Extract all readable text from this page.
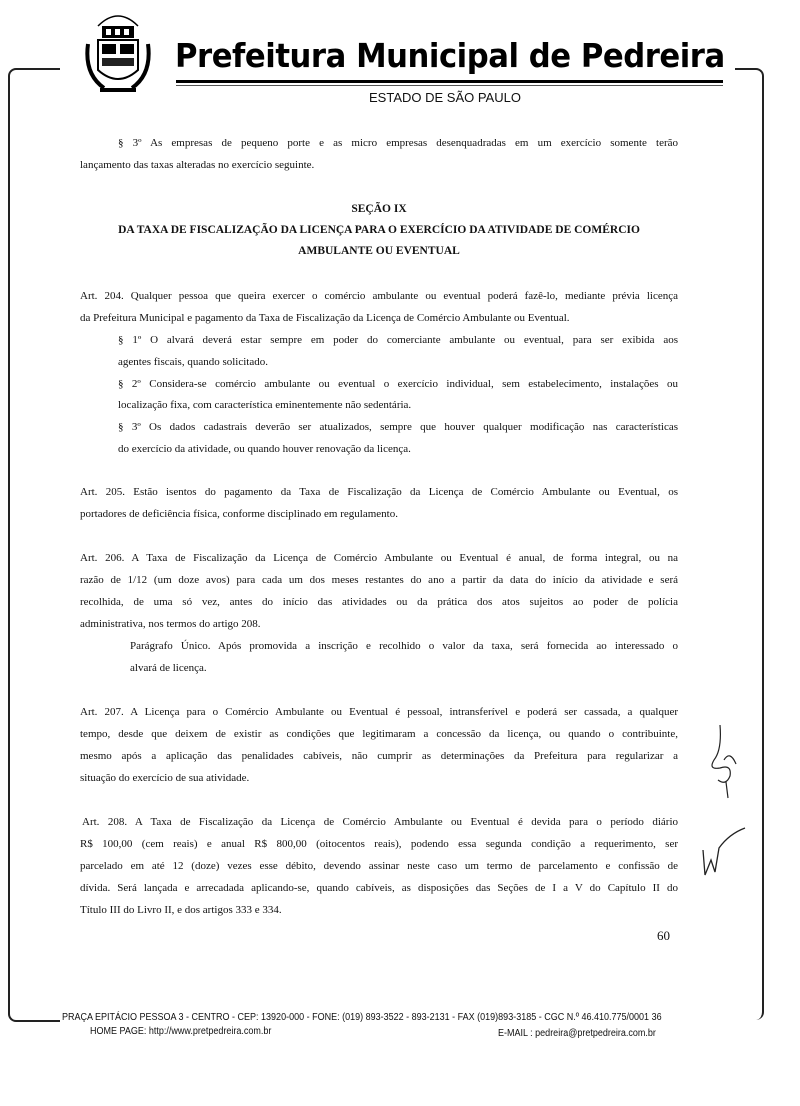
Prefeitura Municipal de Pedreira
ESTADO DE SÃO PAULO
§ 3º As empresas de pequeno porte e as micro empresas desenquadradas em um exercício somente terão
lançamento das taxas alteradas no exercício seguinte.
SEÇÃO IX
DA TAXA DE FISCALIZAÇÃO DA LICENÇA PARA O EXERCÍCIO DA ATIVIDADE DE COMÉRCIO
AMBULANTE OU EVENTUAL
Art. 204. Qualquer pessoa que queira exercer o comércio ambulante ou eventual poderá fazê-lo, mediante prévia licença
da Prefeitura Municipal e pagamento da Taxa de Fiscalização da Licença de Comércio Ambulante ou Eventual.
§ 1º O alvará deverá estar sempre em poder do comerciante ambulante ou eventual, para ser exibida aos
agentes fiscais, quando solicitado.
§ 2º Considera-se comércio ambulante ou eventual o exercício individual, sem estabelecimento, instalações ou
localização fixa, com característica eminentemente não sedentária.
§ 3º Os dados cadastrais deverão ser atualizados, sempre que houver qualquer modificação nas características
do exercício da atividade, ou quando houver renovação da licença.
Art. 205. Estão isentos do pagamento da Taxa de Fiscalização da Licença de Comércio Ambulante ou Eventual, os
portadores de deficiência física, conforme disciplinado em regulamento.
Art. 206. A Taxa de Fiscalização da Licença de Comércio Ambulante ou Eventual é anual, de forma integral, ou na
razão de 1/12 (um doze avos) para cada um dos meses restantes do ano a partir da data do início da atividade e será
recolhida, de uma só vez, antes do início das atividades ou da prática dos atos sujeitos ao poder de polícia
administrativa, nos termos do artigo 208.
Parágrafo Único. Após promovida a inscrição e recolhido o valor da taxa, será fornecida ao interessado o
alvará de licença.
Art. 207. A Licença para o Comércio Ambulante ou Eventual é pessoal, intransferível e poderá ser cassada, a qualquer
tempo, desde que deixem de existir as condições que legitimaram a concessão da licença, ou quando o contribuinte,
mesmo após a aplicação das penalidades cabíveis, não cumprir as determinações da Prefeitura para regularizar a
situação do exercício de sua atividade.
Art. 208. A Taxa de Fiscalização da Licença de Comércio Ambulante ou Eventual é devida para o período diário
R$ 100,00 (cem reais) e anual R$ 800,00 (oitocentos reais), podendo essa segunda condição a requerimento, ser
parcelado em até 12 (doze) vezes esse débito, devendo assinar neste caso um termo de parcelamento e confissão de
dívida. Será lançada e arrecadada aplicando-se, quando cabíveis, as disposições das Seções de I a V do Capítulo II do
Título III do Livro II, e dos artigos 333 e 334.
60
PRAÇA EPITÁCIO PESSOA 3 - CENTRO - CEP: 13920-000 - FONE: (019) 893-3522 - 893-2131 - FAX (019)893-3185 - CGC N.º 46.410.775/0001 36
HOME PAGE: http://www.pretpedreira.com.br	E-MAIL : pedreira@pretpedreira.com.br
